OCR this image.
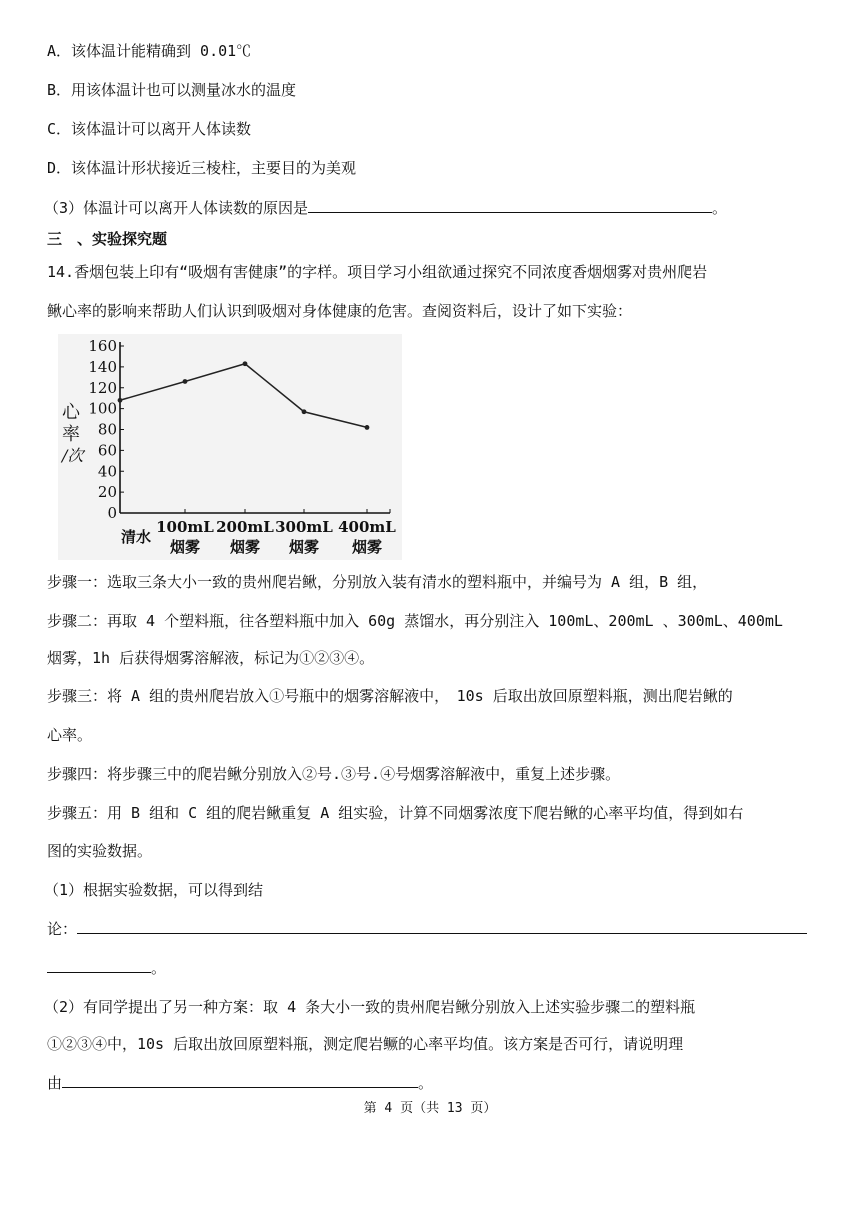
A．该体温计能精确到 0.01℃
B．用该体温计也可以测量冰水的温度
C．该体温计可以离开人体读数
D．该体温计形状接近三棱柱，主要目的为美观
（3）体温计可以离开人体读数的原因是	。
三　、实验探究题
14.香烟包装上印有“吸烟有害健康”的字样。项目学习小组欲通过探究不同浓度香烟烟雾对贵州爬岩
鳅心率的影响来帮助人们认识到吸烟对身体健康的危害。查阅资料后，设计了如下实验：
0
20
40
60
80
100
120
140
160
心
率
/次
清水
100mL
烟雾
200mL
烟雾
300mL
烟雾
400mL
烟雾
步骤一：选取三条大小一致的贵州爬岩鳅，分别放入装有清水的塑料瓶中，并编号为 A 组，B 组，
步骤二：再取 4 个塑料瓶，往各塑料瓶中加入 60g 蒸馏水，再分别注入 100mL、200mL 、300mL、400mL
烟雾，1h 后获得烟雾溶解液，标记为①②③④。
步骤三：将 A 组的贵州爬岩放入①号瓶中的烟雾溶解液中，　10s 后取出放回原塑料瓶，测出爬岩鳅的
心率。
步骤四：将步骤三中的爬岩鳅分别放入②号.③号.④号烟雾溶解液中，重复上述步骤。
步骤五：用 B 组和 C 组的爬岩鳅重复 A 组实验，计算不同烟雾浓度下爬岩鳅的心率平均值，得到如右
图的实验数据。
（1）根据实验数据，可以得到结
论：
。
（2）有同学提出了另一种方案：取 4 条大小一致的贵州爬岩鳅分别放入上述实验步骤二的塑料瓶
①②③④中，10s 后取出放回原塑料瓶，测定爬岩鳜的心率平均值。该方案是否可行，请说明理
由	。
第 4 页（共 13 页）
